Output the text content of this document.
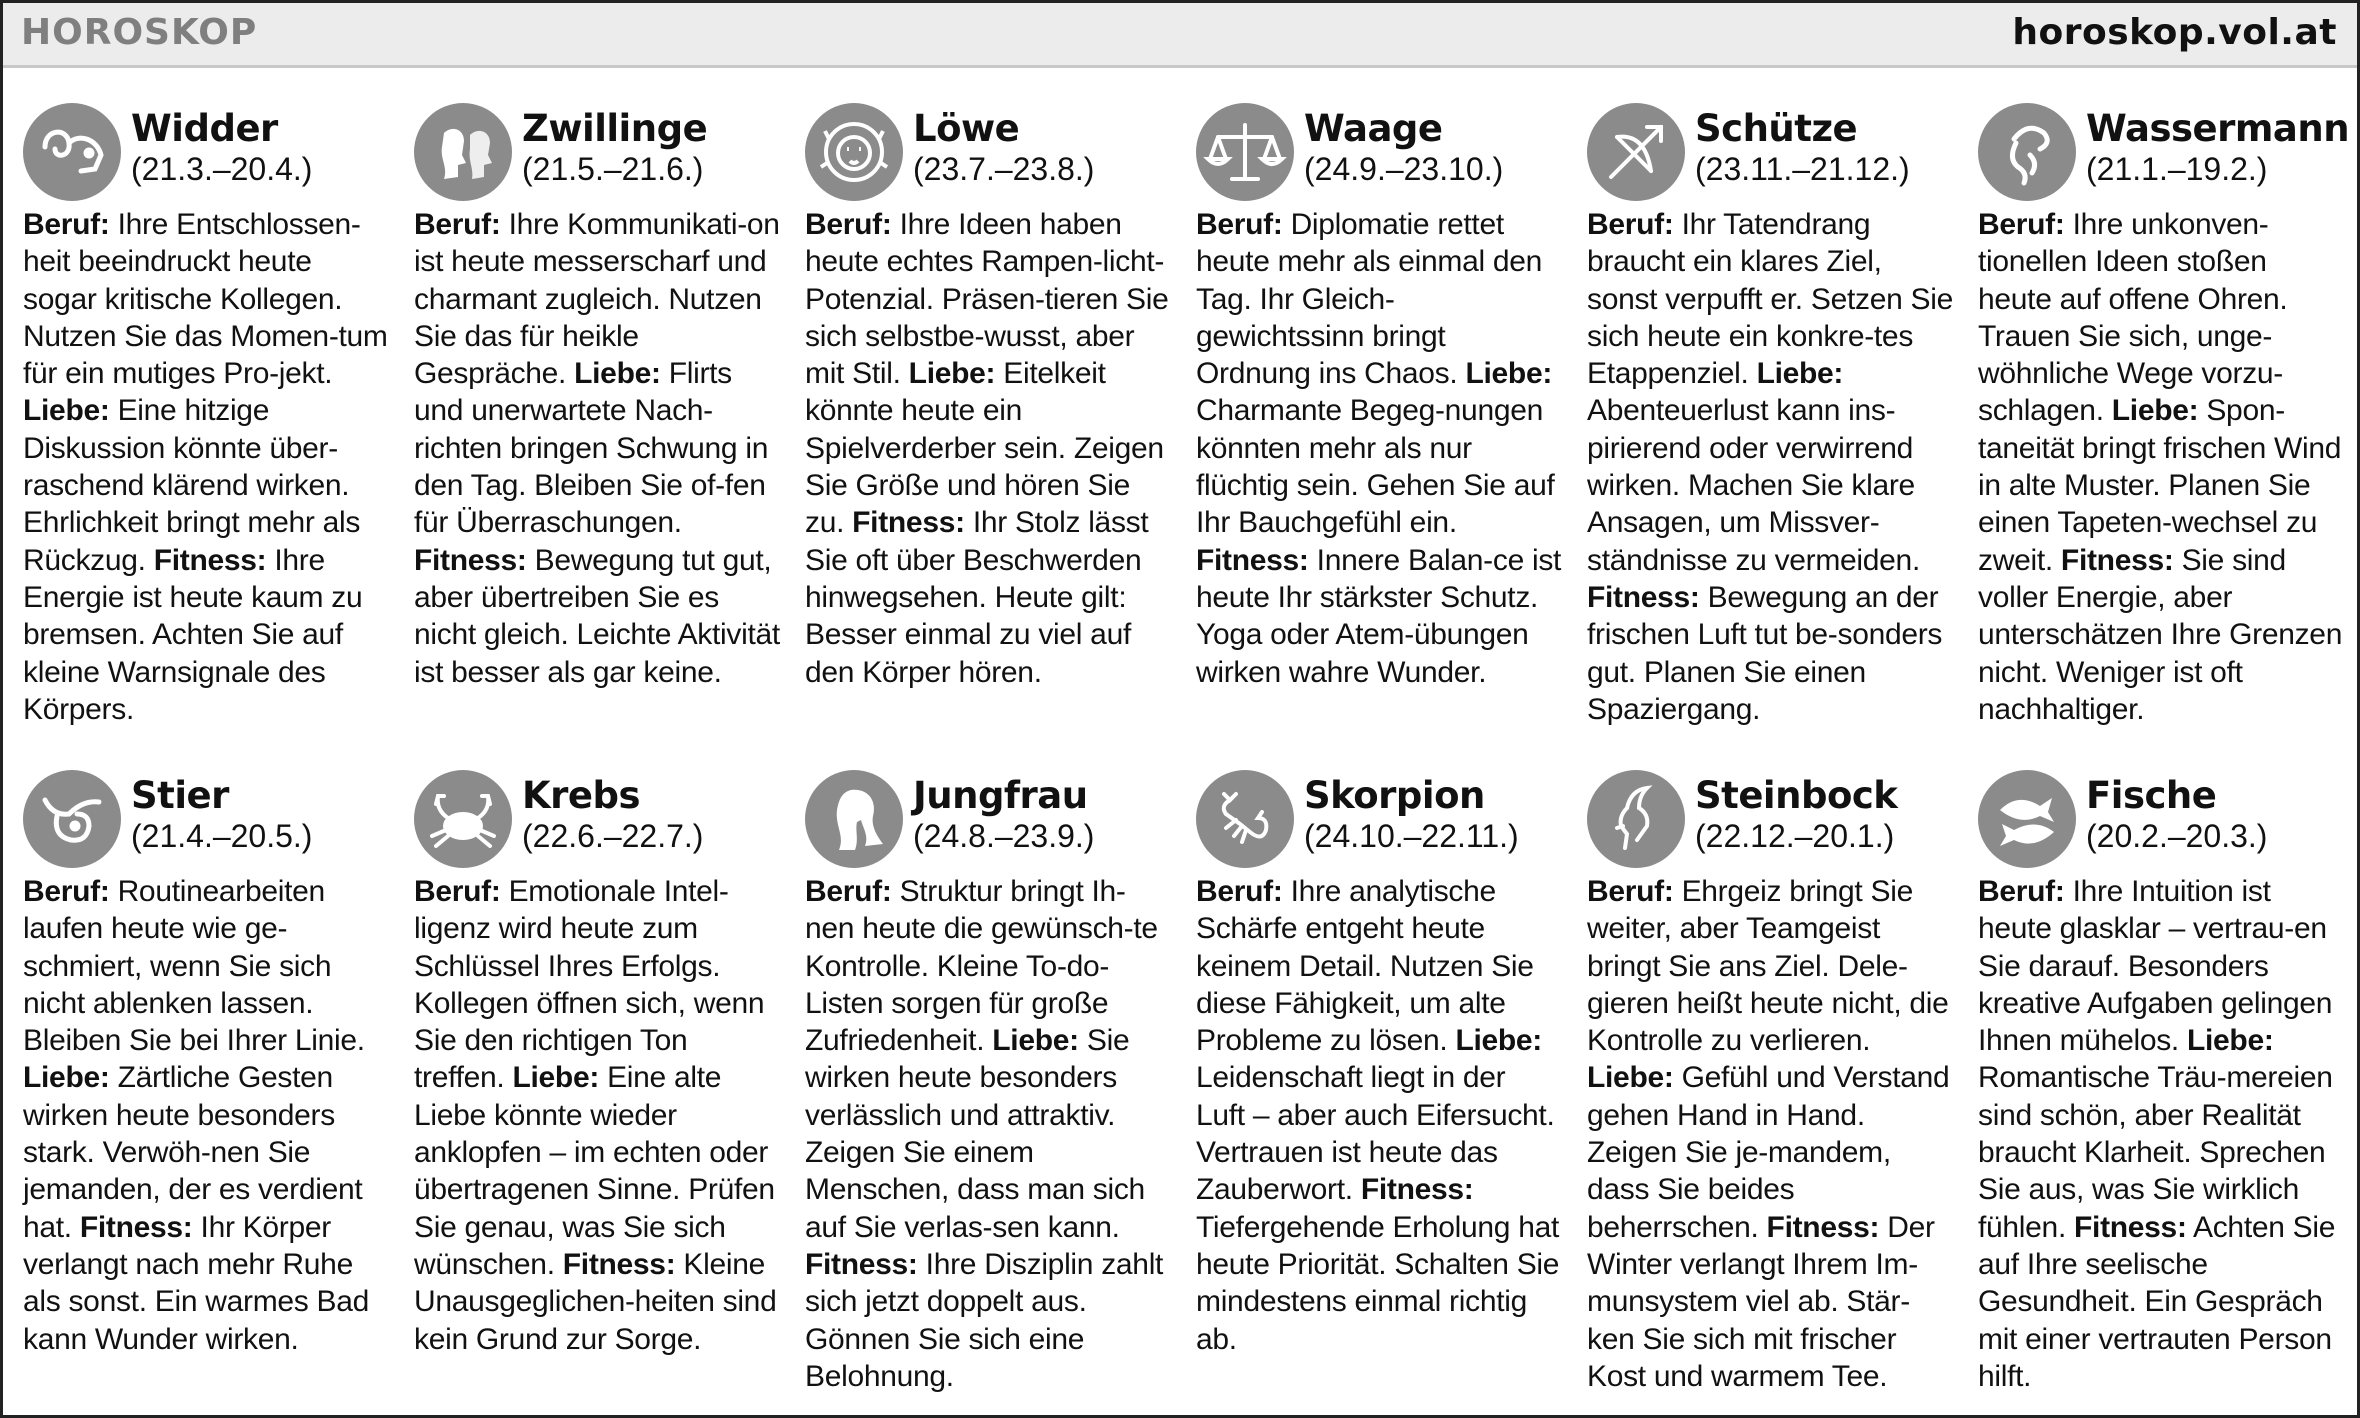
HOROSKOP	horoskop.vol.at
Widder
(21.3.–20.4.)
Beruf: Ihre Entschlossen-heit beeindruckt heute sogar kritische Kollegen. Nutzen Sie das Momen-tum für ein mutiges Pro-jekt. Liebe: Eine hitzige Diskussion könnte über-raschend klärend wirken. Ehrlichkeit bringt mehr als Rückzug. Fitness: Ihre Energie ist heute kaum zu bremsen. Achten Sie auf kleine Warnsignale des Körpers.
Zwillinge
(21.5.–21.6.)
Beruf: Ihre Kommunikati-on ist heute messerscharf und charmant zugleich. Nutzen Sie das für heikle Gespräche. Liebe: Flirts und unerwartete Nach-richten bringen Schwung in den Tag. Bleiben Sie of-fen für Überraschungen. Fitness: Bewegung tut gut, aber übertreiben Sie es nicht gleich. Leichte Aktivität ist besser als gar keine.
Löwe
(23.7.–23.8.)
Beruf: Ihre Ideen haben heute echtes Rampen-licht-Potenzial. Präsen-tieren Sie sich selbstbe-wusst, aber mit Stil. Liebe: Eitelkeit könnte heute ein Spielverderber sein. Zeigen Sie Größe und hören Sie zu. Fitness: Ihr Stolz lässt Sie oft über Beschwerden hinwegsehen. Heute gilt: Besser einmal zu viel auf den Körper hören.
Waage
(24.9.–23.10.)
Beruf: Diplomatie rettet heute mehr als einmal den Tag. Ihr Gleich-gewichtssinn bringt Ordnung ins Chaos. Liebe: Charmante Begeg-nungen könnten mehr als nur flüchtig sein. Gehen Sie auf Ihr Bauchgefühl ein. Fitness: Innere Balan-ce ist heute Ihr stärkster Schutz. Yoga oder Atem-übungen wirken wahre Wunder.
Schütze
(23.11.–21.12.)
Beruf: Ihr Tatendrang braucht ein klares Ziel, sonst verpufft er. Setzen Sie sich heute ein konkre-tes Etappenziel. Liebe: Abenteuerlust kann ins-pirierend oder verwirrend wirken. Machen Sie klare Ansagen, um Missver-ständnisse zu vermeiden. Fitness: Bewegung an der frischen Luft tut be-sonders gut. Planen Sie einen Spaziergang.
Wassermann
(21.1.–19.2.)
Beruf: Ihre unkonven-tionellen Ideen stoßen heute auf offene Ohren. Trauen Sie sich, unge-wöhnliche Wege vorzu-schlagen. Liebe: Spon-taneität bringt frischen Wind in alte Muster. Planen Sie einen Tapeten-wechsel zu zweit. Fitness: Sie sind voller Energie, aber unterschätzen Ihre Grenzen nicht. Weniger ist oft nachhaltiger.
Stier
(21.4.–20.5.)
Beruf: Routinearbeiten laufen heute wie ge-schmiert, wenn Sie sich nicht ablenken lassen. Bleiben Sie bei Ihrer Linie. Liebe: Zärtliche Gesten wirken heute besonders stark. Verwöh-nen Sie jemanden, der es verdient hat. Fitness: Ihr Körper verlangt nach mehr Ruhe als sonst. Ein warmes Bad kann Wunder wirken.
Krebs
(22.6.–22.7.)
Beruf: Emotionale Intel-ligenz wird heute zum Schlüssel Ihres Erfolgs. Kollegen öffnen sich, wenn Sie den richtigen Ton treffen. Liebe: Eine alte Liebe könnte wieder anklopfen – im echten oder übertragenen Sinne. Prüfen Sie genau, was Sie sich wünschen. Fitness: Kleine Unausgeglichen-heiten sind kein Grund zur Sorge.
Jungfrau
(24.8.–23.9.)
Beruf: Struktur bringt Ih-nen heute die gewünsch-te Kontrolle. Kleine To-do-Listen sorgen für große Zufriedenheit. Liebe: Sie wirken heute besonders verlässlich und attraktiv. Zeigen Sie einem Menschen, dass man sich auf Sie verlas-sen kann. Fitness: Ihre Disziplin zahlt sich jetzt doppelt aus. Gönnen Sie sich eine Belohnung.
Skorpion
(24.10.–22.11.)
Beruf: Ihre analytische Schärfe entgeht heute keinem Detail. Nutzen Sie diese Fähigkeit, um alte Probleme zu lösen. Liebe: Leidenschaft liegt in der Luft – aber auch Eifersucht. Vertrauen ist heute das Zauberwort. Fitness: Tiefergehende Erholung hat heute Priorität. Schalten Sie mindestens einmal richtig ab.
Steinbock
(22.12.–20.1.)
Beruf: Ehrgeiz bringt Sie weiter, aber Teamgeist bringt Sie ans Ziel. Dele-gieren heißt heute nicht, die Kontrolle zu verlieren. Liebe: Gefühl und Verstand gehen Hand in Hand. Zeigen Sie je-mandem, dass Sie beides beherrschen. Fitness: Der Winter verlangt Ihrem Im-munsystem viel ab. Stär-ken Sie sich mit frischer Kost und warmem Tee.
Fische
(20.2.–20.3.)
Beruf: Ihre Intuition ist heute glasklar – vertrau-en Sie darauf. Besonders kreative Aufgaben gelingen Ihnen mühelos. Liebe: Romantische Träu-mereien sind schön, aber Realität braucht Klarheit. Sprechen Sie aus, was Sie wirklich fühlen. Fitness: Achten Sie auf Ihre seelische Gesundheit. Ein Gespräch mit einer vertrauten Person hilft.
